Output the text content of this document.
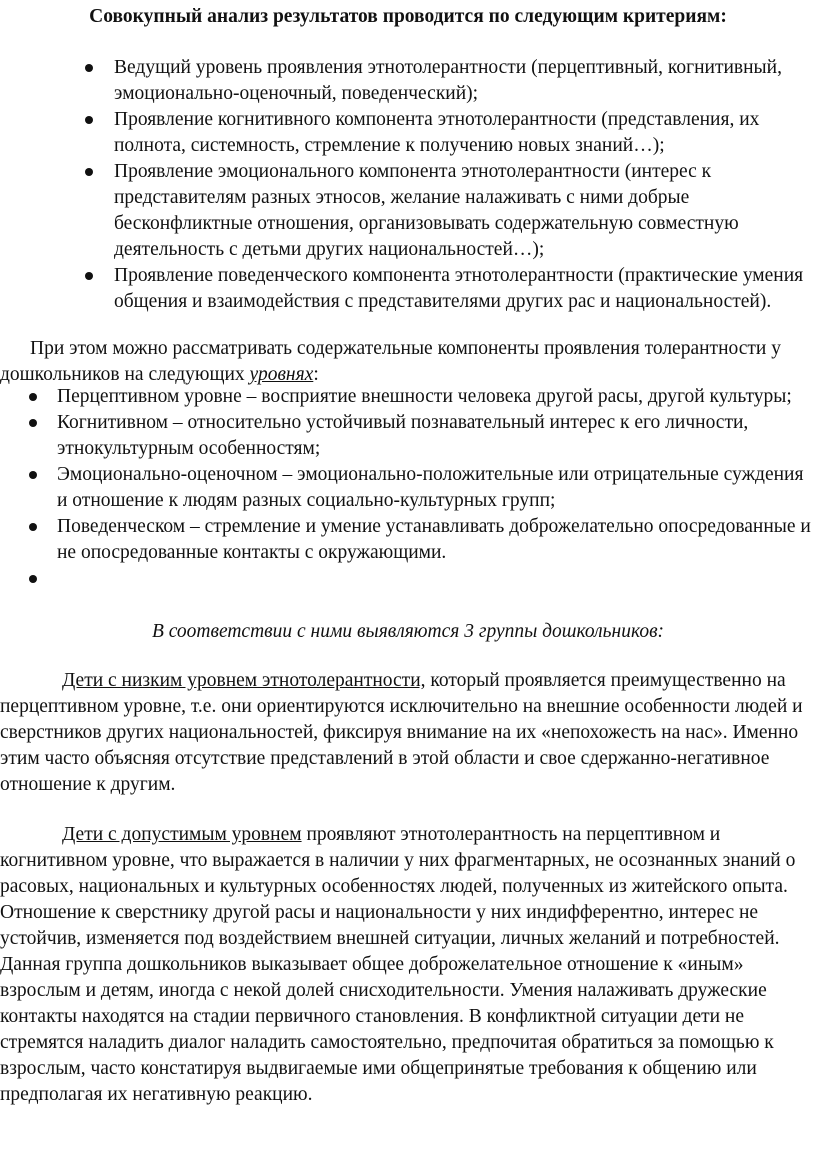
Совокупный анализ результатов проводится по следующим критериям:
Ведущий уровень проявления этнотолерантности (перцептивный, когнитивный, эмоционально-оценочный, поведенческий);
Проявление когнитивного компонента этнотолерантности (представления, их полнота, системность, стремление к получению новых знаний…);
Проявление эмоционального компонента этнотолерантности (интерес к представителям разных этносов, желание налаживать с ними добрые бесконфликтные отношения, организовывать содержательную совместную деятельность с детьми других национальностей…);
Проявление поведенческого компонента этнотолерантности (практические умения общения и взаимодействия с представителями других рас и национальностей).

При этом можно рассматривать содержательные компоненты проявления толерантности у дошкольников на следующих уровнях:

Перцептивном уровне – восприятие внешности человека другой расы, другой культуры;
Когнитивном – относительно устойчивый познавательный интерес к его личности, этнокультурным особенностям;
Эмоционально-оценочном – эмоционально-положительные или отрицательные суждения и отношение к людям разных социально-культурных групп;
Поведенческом – стремление и умение устанавливать доброжелательно опосредованные и не опосредованные контакты с окружающими.

В соответствии с ними выявляются 3 группы дошкольников:

Дети с низким уровнем этнотолерантности, который проявляется преимущественно на перцептивном уровне, т.е. они ориентируются исключительно на внешние особенности людей и сверстников других национальностей, фиксируя внимание на их «непохожесть на нас». Именно этим часто объясняя отсутствие представлений в этой области и свое сдержанно-негативное отношение к другим.

Дети с допустимым уровнем проявляют этнотолерантность на перцептивном и когнитивном уровне, что выражается в наличии у них фрагментарных, не осознанных знаний о расовых, национальных и культурных особенностях людей, полученных из житейского опыта. Отношение к сверстнику другой расы и национальности у них индифферентно, интерес не устойчив, изменяется под воздействием внешней ситуации, личных желаний и потребностей. Данная группа дошкольников выказывает общее доброжелательное отношение к «иным» взрослым и детям, иногда с некой долей снисходительности. Умения налаживать дружеские контакты находятся на стадии первичного становления. В конфликтной ситуации дети не стремятся наладить диалог наладить самостоятельно, предпочитая обратиться за помощью к взрослым, часто констатируя выдвигаемые ими общепринятые требования к общению или предполагая их негативную реакцию.
